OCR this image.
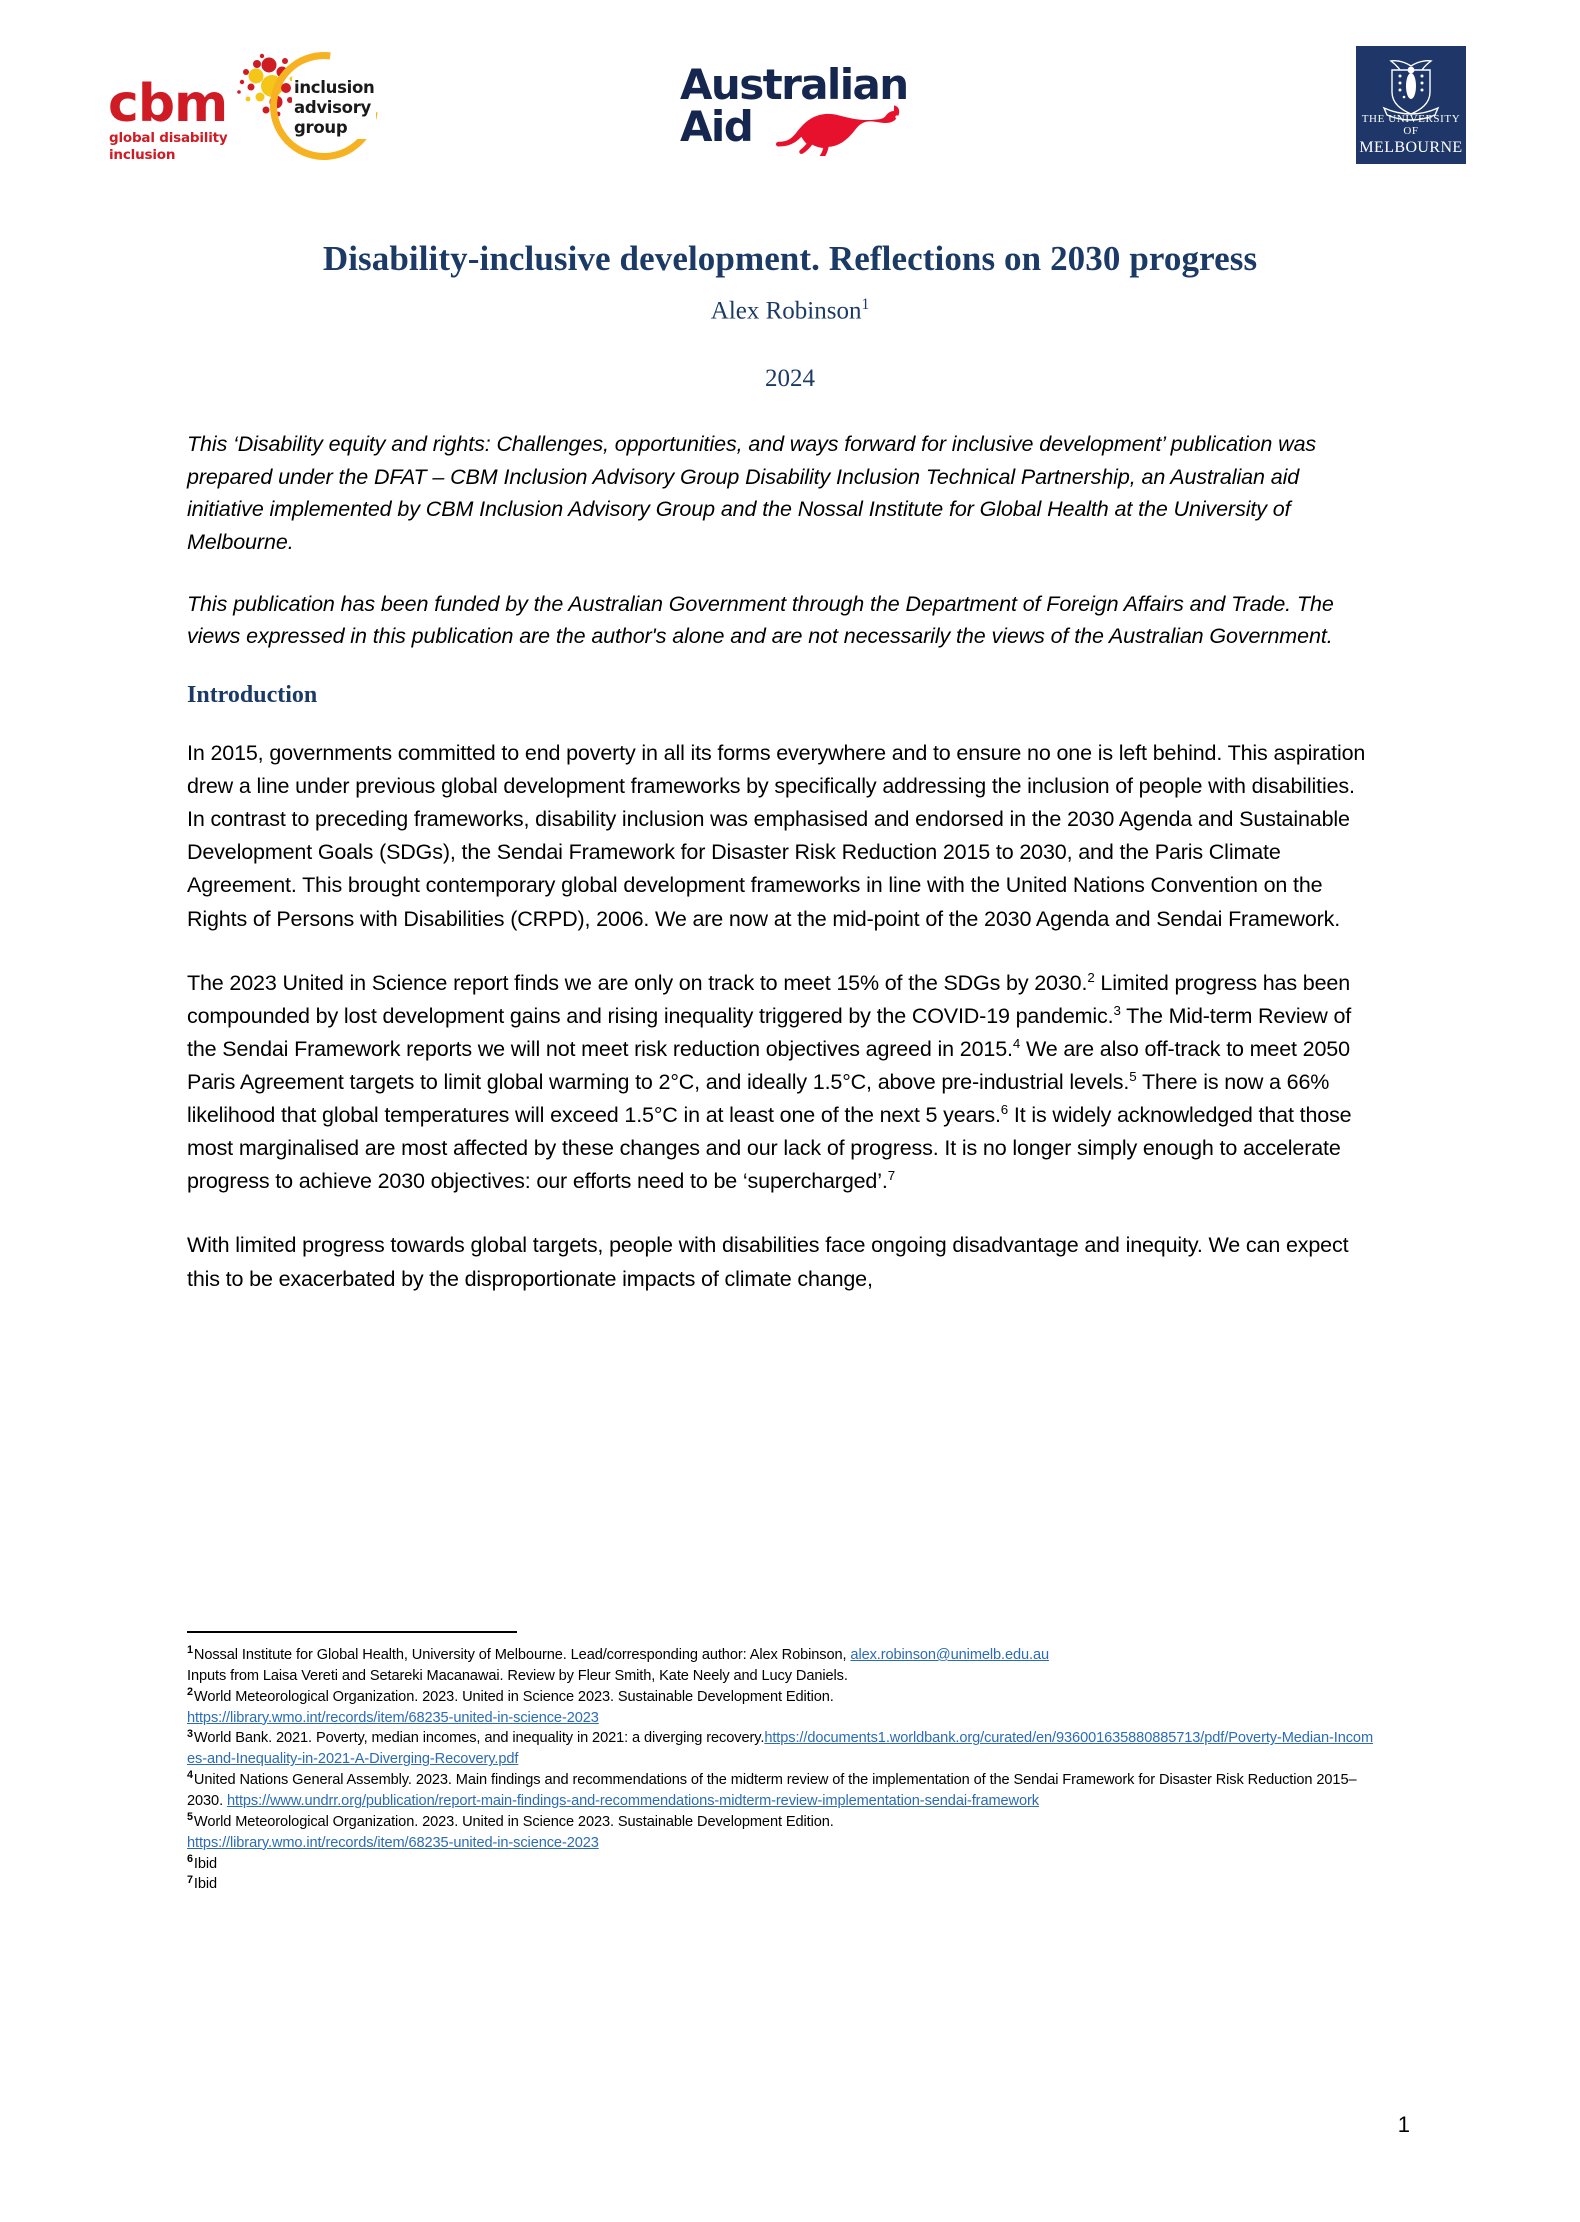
cbm
global disability
inclusion
inclusion
advisory
group
Australian
Aid	THE UNIVERSITY OF
MELBOURNE
Disability-inclusive development. Reflections on 2030 progress
Alex Robinson$^1$
2024

This ‘Disability equity and rights: Challenges, opportunities, and ways forward for inclusive development’ publication was prepared under the DFAT – CBM Inclusion Advisory Group Disability Inclusion Technical Partnership, an Australian aid initiative implemented by CBM Inclusion Advisory Group and the Nossal Institute for Global Health at the University of Melbourne.

This publication has been funded by the Australian Government through the Department of Foreign Affairs and Trade. The views expressed in this publication are the author's alone and are not necessarily the views of the Australian Government.

Introduction

In 2015, governments committed to end poverty in all its forms everywhere and to ensure no one is left behind. This aspiration drew a line under previous global development frameworks by specifically addressing the inclusion of people with disabilities. In contrast to preceding frameworks, disability inclusion was emphasised and endorsed in the 2030 Agenda and Sustainable Development Goals (SDGs), the Sendai Framework for Disaster Risk Reduction 2015 to 2030, and the Paris Climate Agreement. This brought contemporary global development frameworks in line with the United Nations Convention on the Rights of Persons with Disabilities (CRPD), 2006. We are now at the mid-point of the 2030 Agenda and Sendai Framework.

The 2023 United in Science report finds we are only on track to meet 15% of the SDGs by 2030.$^2$ Limited progress has been compounded by lost development gains and rising inequality triggered by the COVID-19 pandemic.$^3$ The Mid-term Review of the Sendai Framework reports we will not meet risk reduction objectives agreed in 2015.$^4$ We are also off-track to meet 2050 Paris Agreement targets to limit global warming to 2°C, and ideally 1.5°C, above pre-industrial levels.$^5$ There is now a 66% likelihood that global temperatures will exceed 1.5°C in at least one of the next 5 years.$^6$ It is widely acknowledged that those most marginalised are most affected by these changes and our lack of progress. It is no longer simply enough to accelerate progress to achieve 2030 objectives: our efforts need to be ‘supercharged’.$^7$

With limited progress towards global targets, people with disabilities face ongoing disadvantage and inequity. We can expect this to be exacerbated by the disproportionate impacts of climate change,

$^1$Nossal Institute for Global Health, University of Melbourne. Lead/corresponding author: Alex Robinson, alex.robinson@unimelb.edu.au
Inputs from Laisa Vereti and Setareki Macanawai. Review by Fleur Smith, Kate Neely and Lucy Daniels.

$^2$World Meteorological Organization. 2023. United in Science 2023. Sustainable Development Edition.
https://library.wmo.int/records/item/68235-united-in-science-2023

$^3$World Bank. 2021. Poverty, median incomes, and inequality in 2021: a diverging recovery.https://documents1.worldbank.org/curated/en/936001635880885713/pdf/Poverty-Median-Incomes-and-Inequality-in-2021-A-Diverging-Recovery.pdf

$^4$United Nations General Assembly. 2023. Main findings and recommendations of the midterm review of the implementation of the Sendai Framework for Disaster Risk Reduction 2015–2030. https://www.undrr.org/publication/report-main-findings-and-recommendations-midterm-review-implementation-sendai-framework

$^5$World Meteorological Organization. 2023. United in Science 2023. Sustainable Development Edition.
https://library.wmo.int/records/item/68235-united-in-science-2023

$^6$Ibid

$^7$Ibid

1
